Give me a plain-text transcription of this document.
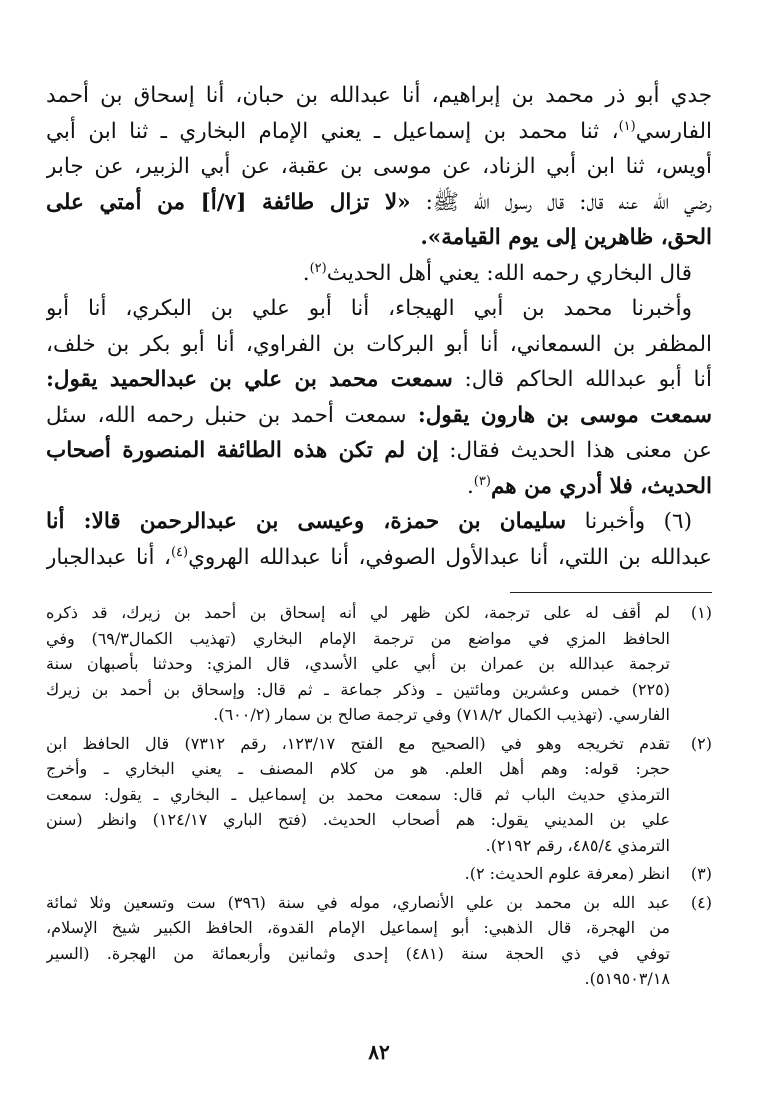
جدي أبو ذر محمد بن إبراهيم، أنا عبدالله بن حبان، أنا إسحاق بن أحمد
الفارسي$^{(١)}$، ثنا محمد بن إسماعيل ـ يعني الإمام البخاري ـ ثنا ابن أبي
أويس، ثنا ابن أبي الزناد، عن موسى بن عقبة، عن أبي الزبير، عن جابر
رضي الله عنه قال: قال رسول الله ﷺ: «لا تزال طائفة [٧/أ] من أمتي على
الحق، ظاهرين إلى يوم القيامة».
قال البخاري رحمه الله: يعني أهل الحديث$^{(٢)}$.
وأخبرنا محمد بن أبي الهيجاء، أنا أبو علي بن البكري، أنا أبو
المظفر بن السمعاني، أنا أبو البركات بن الفراوي، أنا أبو بكر بن خلف،
أنا أبو عبدالله الحاكم قال: سمعت محمد بن علي بن عبدالحميد يقول:
سمعت موسى بن هارون يقول: سمعت أحمد بن حنبل رحمه الله، سئل
عن معنى هذا الحديث فقال: إن لم تكن هذه الطائفة المنصورة أصحاب
الحديث، فلا أدري من هم$^{(٣)}$.
(٦) وأخبرنا سليمان بن حمزة، وعيسى بن عبدالرحمن قالا: أنا
عبدالله بن اللتي، أنا عبدالأول الصوفي، أنا عبدالله الهروي$^{(٤)}$، أنا عبدالجبار
(١)
لم أقف له على ترجمة، لكن ظهر لي أنه إسحاق بن أحمد بن زيرك، قد ذكره
الحافظ المزي في مواضع من ترجمة الإمام البخاري (تهذيب الكمال٦٩/٣) وفي
ترجمة عبدالله بن عمران بن أبي علي الأسدي، قال المزي: وحدثنا بأصبهان سنة
(٢٢٥) خمس وعشرين ومائتين ـ وذكر جماعة ـ ثم قال: وإسحاق بن أحمد بن زيرك
الفارسي. (تهذيب الكمال ٧١٨/٢) وفي ترجمة صالح بن سمار (٦٠٠/٢).
(٢)
تقدم تخريجه وهو في (الصحيح مع الفتح ١٢٣/١٧، رقم ٧٣١٢) قال الحافظ ابن
حجر: قوله: وهم أهل العلم. هو من كلام المصنف ـ يعني البخاري ـ وأخرج
الترمذي حديث الباب ثم قال: سمعت محمد بن إسماعيل ـ البخاري ـ يقول: سمعت
علي بن المديني يقول: هم أصحاب الحديث. (فتح الباري ١٢٤/١٧) وانظر (سنن
الترمذي ٤٨٥/٤، رقم ٢١٩٢).
(٣)
انظر (معرفة علوم الحديث: ٢).
(٤)
عبد الله بن محمد بن علي الأنصاري، موله في سنة (٣٩٦) ست وتسعين وثلا ثمائة
من الهجرة، قال الذهبي: أبو إسماعيل الإمام القدوة، الحافظ الكبير شيخ الإسلام،
توفي في ذي الحجة سنة (٤٨١) إحدى وثمانين وأربعمائة من الهجرة. (السير
٥١٩٥٠٣/١٨).
٨٢
